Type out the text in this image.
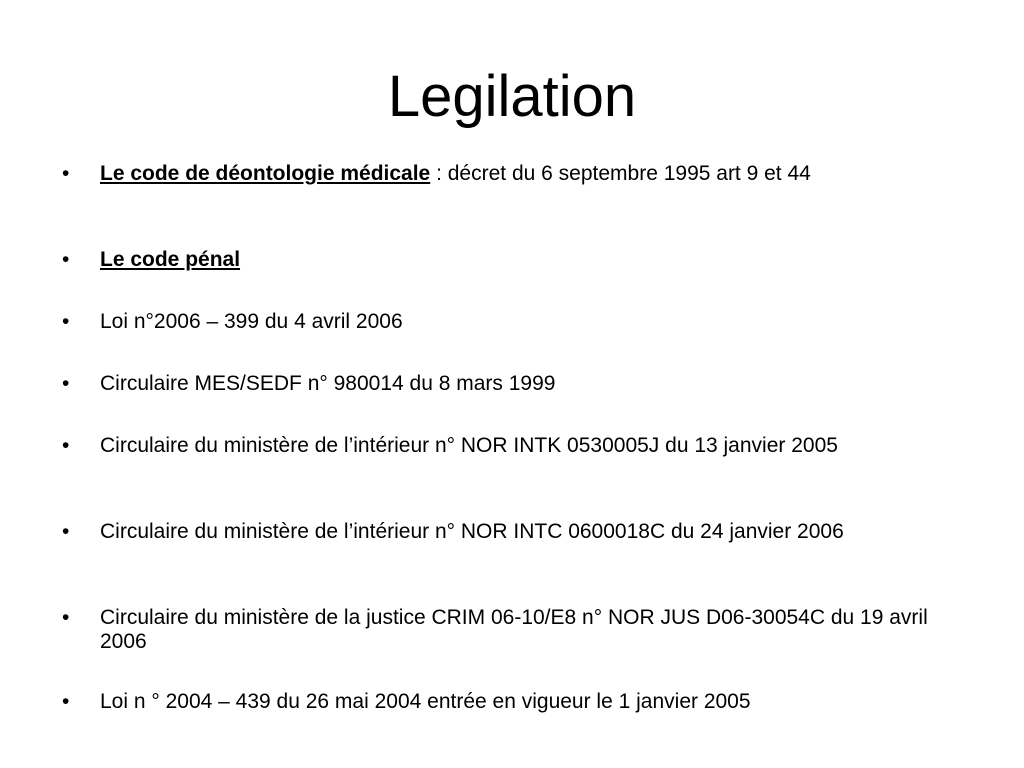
Legilation
•	Le code de déontologie médicale : décret du 6 septembre 1995 art 9 et 44
•	Le code pénal
•	Loi n°2006 – 399 du 4 avril 2006
•	Circulaire MES/SEDF n° 980014 du 8 mars 1999
•	Circulaire du ministère de l’intérieur n° NOR INTK 0530005J du 13 janvier 2005
•	Circulaire du ministère de l’intérieur n° NOR INTC 0600018C du 24 janvier 2006
•	Circulaire du ministère de la justice CRIM 06-10/E8 n° NOR JUS D06-30054C du 19 avril 2006
•	Loi n ° 2004 – 439 du 26 mai 2004 entrée en vigueur le 1 janvier 2005
